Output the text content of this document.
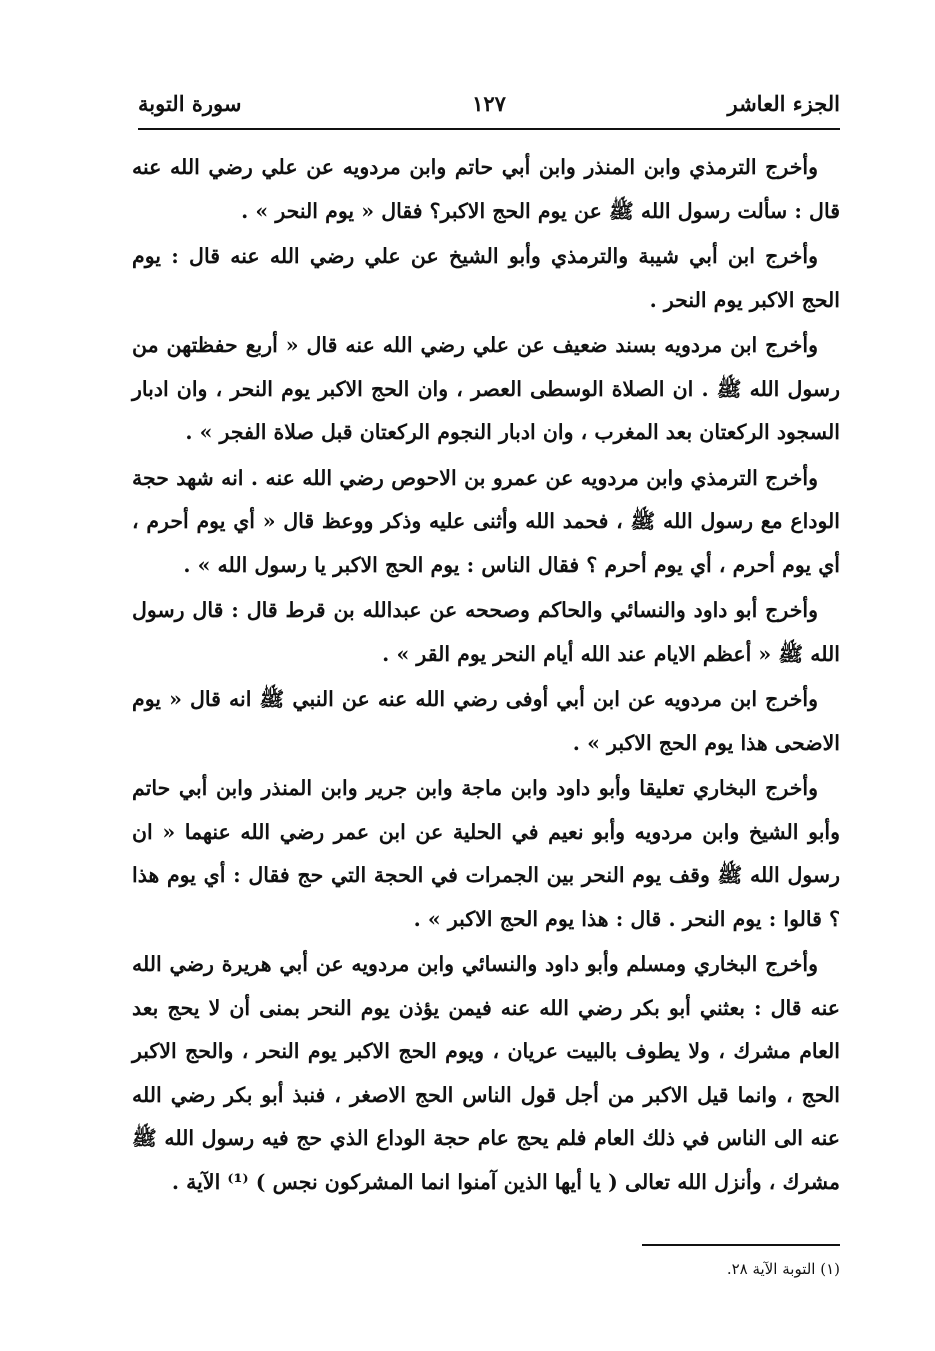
الجزء العاشر
١٢٧
سورة التوبة

وأخرج الترمذي وابن المنذر وابن أبي حاتم وابن مردويه عن علي رضي الله عنه قال : سألت رسول الله ﷺ عن يوم الحج الاكبر؟ فقال « يوم النحر » .

وأخرج ابن أبي شيبة والترمذي وأبو الشيخ عن علي رضي الله عنه قال : يوم الحج الاكبر يوم النحر .

وأخرج ابن مردويه بسند ضعيف عن علي رضي الله عنه قال « أربع حفظتهن من رسول الله ﷺ . ان الصلاة الوسطى العصر ، وان الحج الاكبر يوم النحر ، وان ادبار السجود الركعتان بعد المغرب ، وان ادبار النجوم الركعتان قبل صلاة الفجر » .

وأخرج الترمذي وابن مردويه عن عمرو بن الاحوص رضي الله عنه . انه شهد حجة الوداع مع رسول الله ﷺ ، فحمد الله وأثنى عليه وذكر ووعظ قال « أي يوم أحرم ، أي يوم أحرم ، أي يوم أحرم ؟ فقال الناس : يوم الحج الاكبر يا رسول الله » .

وأخرج أبو داود والنسائي والحاكم وصححه عن عبدالله بن قرط قال : قال رسول الله ﷺ « أعظم الايام عند الله أيام النحر يوم القر » .

وأخرج ابن مردويه عن ابن أبي أوفى رضي الله عنه عن النبي ﷺ انه قال « يوم الاضحى هذا يوم الحج الاكبر » .

وأخرج البخاري تعليقا وأبو داود وابن ماجة وابن جرير وابن المنذر وابن أبي حاتم وأبو الشيخ وابن مردويه وأبو نعيم في الحلية عن ابن عمر رضي الله عنهما « ان رسول الله ﷺ وقف يوم النحر بين الجمرات في الحجة التي حج فقال : أي يوم هذا ؟ قالوا : يوم النحر . قال : هذا يوم الحج الاكبر » .

وأخرج البخاري ومسلم وأبو داود والنسائي وابن مردويه عن أبي هريرة رضي الله عنه قال : بعثني أبو بكر رضي الله عنه فيمن يؤذن يوم النحر بمنى أن لا يحج بعد العام مشرك ، ولا يطوف بالبيت عريان ، ويوم الحج الاكبر يوم النحر ، والحج الاكبر الحج ، وانما قيل الاكبر من أجل قول الناس الحج الاصغر ، فنبذ أبو بكر رضي الله عنه الى الناس في ذلك العام فلم يحج عام حجة الوداع الذي حج فيه رسول الله ﷺ مشرك ، وأنزل الله تعالى ( يا أيها الذين آمنوا انما المشركون نجس ) ⁽¹⁾ الآية .

(١) التوبة الآية ٢٨.
